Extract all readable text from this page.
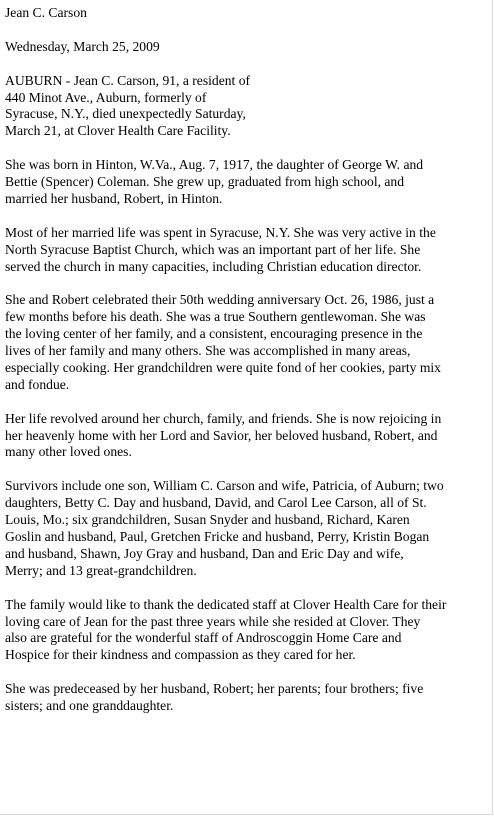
Jean C. Carson

Wednesday, March 25, 2009

AUBURN - Jean C. Carson, 91, a resident of
440 Minot Ave., Auburn, formerly of
Syracuse, N.Y., died unexpectedly Saturday,
March 21, at Clover Health Care Facility.

She was born in Hinton, W.Va., Aug. 7, 1917, the daughter of George W. and
Bettie (Spencer) Coleman. She grew up, graduated from high school, and
married her husband, Robert, in Hinton.

Most of her married life was spent in Syracuse, N.Y. She was very active in the
North Syracuse Baptist Church, which was an important part of her life. She
served the church in many capacities, including Christian education director.

She and Robert celebrated their 50th wedding anniversary Oct. 26, 1986, just a
few months before his death. She was a true Southern gentlewoman. She was
the loving center of her family, and a consistent, encouraging presence in the
lives of her family and many others. She was accomplished in many areas,
especially cooking. Her grandchildren were quite fond of her cookies, party mix
and fondue.

Her life revolved around her church, family, and friends. She is now rejoicing in
her heavenly home with her Lord and Savior, her beloved husband, Robert, and
many other loved ones.

Survivors include one son, William C. Carson and wife, Patricia, of Auburn; two
daughters, Betty C. Day and husband, David, and Carol Lee Carson, all of St.
Louis, Mo.; six grandchildren, Susan Snyder and husband, Richard, Karen
Goslin and husband, Paul, Gretchen Fricke and husband, Perry, Kristin Bogan
and husband, Shawn, Joy Gray and husband, Dan and Eric Day and wife,
Merry; and 13 great-grandchildren.

The family would like to thank the dedicated staff at Clover Health Care for their
loving care of Jean for the past three years while she resided at Clover. They
also are grateful for the wonderful staff of Androscoggin Home Care and
Hospice for their kindness and compassion as they cared for her.

She was predeceased by her husband, Robert; her parents; four brothers; five
sisters; and one granddaughter.
